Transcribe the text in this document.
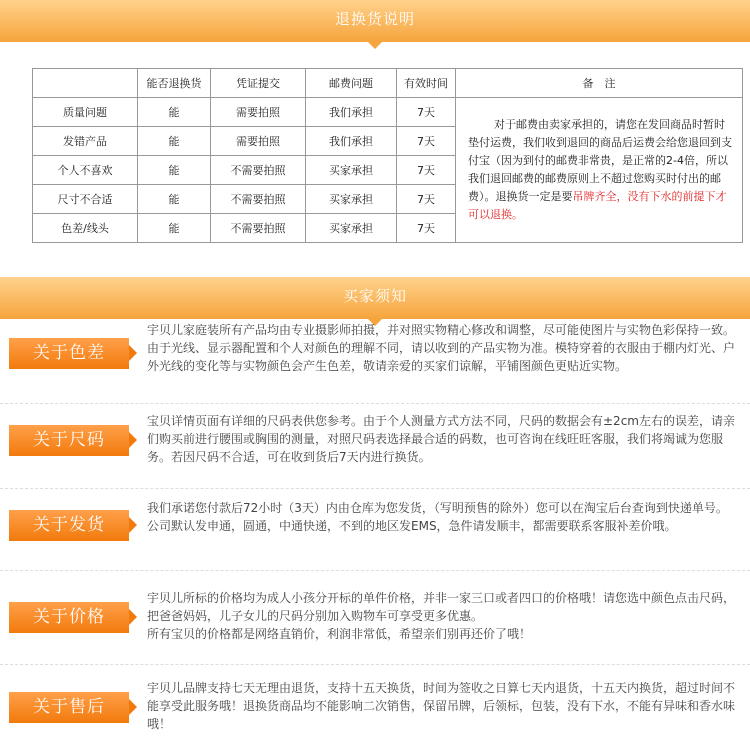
退换货说明
	能否退换货	凭证提交	邮费问题	有效时间	备　注
质量问题	能	需要拍照	我们承担	7天	对于邮费由卖家承担的，请您在发回商品时暂时垫付运费，我们收到退回的商品后运费会给您退回到支付宝（因为到付的邮费非常贵，是正常的2-4倍，所以我们退回邮费的邮费原则上不超过您购买时付出的邮费）。退换货一定是要吊牌齐全，没有下水的前提下才可以退换。

发错产品	能	需要拍照	我们承担	7天	
个人不喜欢	能	不需要拍照	买家承担	7天	
尺寸不合适	能	不需要拍照	买家承担	7天	
色差/线头	能	不需要拍照	买家承担	7天	
买家须知
关于色差
宇贝儿家庭装所有产品均由专业摄影师拍摄，并对照实物精心修改和调整，尽可能使图片与实物色彩保持一致。由于光线、显示器配置和个人对颜色的理解不同，请以收到的产品实物为准。模特穿着的衣服由于棚内灯光、户外光线的变化等与实物颜色会产生色差，敬请亲爱的买家们谅解，平铺图颜色更贴近实物。
关于尺码
宝贝详情页面有详细的尺码表供您参考。由于个人测量方式方法不同，尺码的数据会有±2cm左右的误差，请亲们购买前进行腰围或胸围的测量，对照尺码表选择最合适的码数，也可咨询在线旺旺客服，我们将竭诚为您服务。若因尺码不合适，可在收到货后7天内进行换货。
关于发货
我们承诺您付款后72小时（3天）内由仓库为您发货，（写明预售的除外）您可以在淘宝后台查询到快递单号。公司默认发申通，圆通，中通快递，不到的地区发EMS，急件请发顺丰，都需要联系客服补差价哦。
关于价格
宇贝儿所标的价格均为成人小孩分开标的单件价格，并非一家三口或者四口的价格哦！请您选中颜色点击尺码，把爸爸妈妈，儿子女儿的尺码分别加入购物车可享受更多优惠。
所有宝贝的价格都是网络直销价，利润非常低，希望亲们别再还价了哦！
关于售后
宇贝儿品牌支持七天无理由退货，支持十五天换货，时间为签收之日算七天内退货，十五天内换货，超过时间不能享受此服务哦！退换货商品均不能影响二次销售，保留吊牌，后领标，包装，没有下水，不能有异味和香水味哦！
